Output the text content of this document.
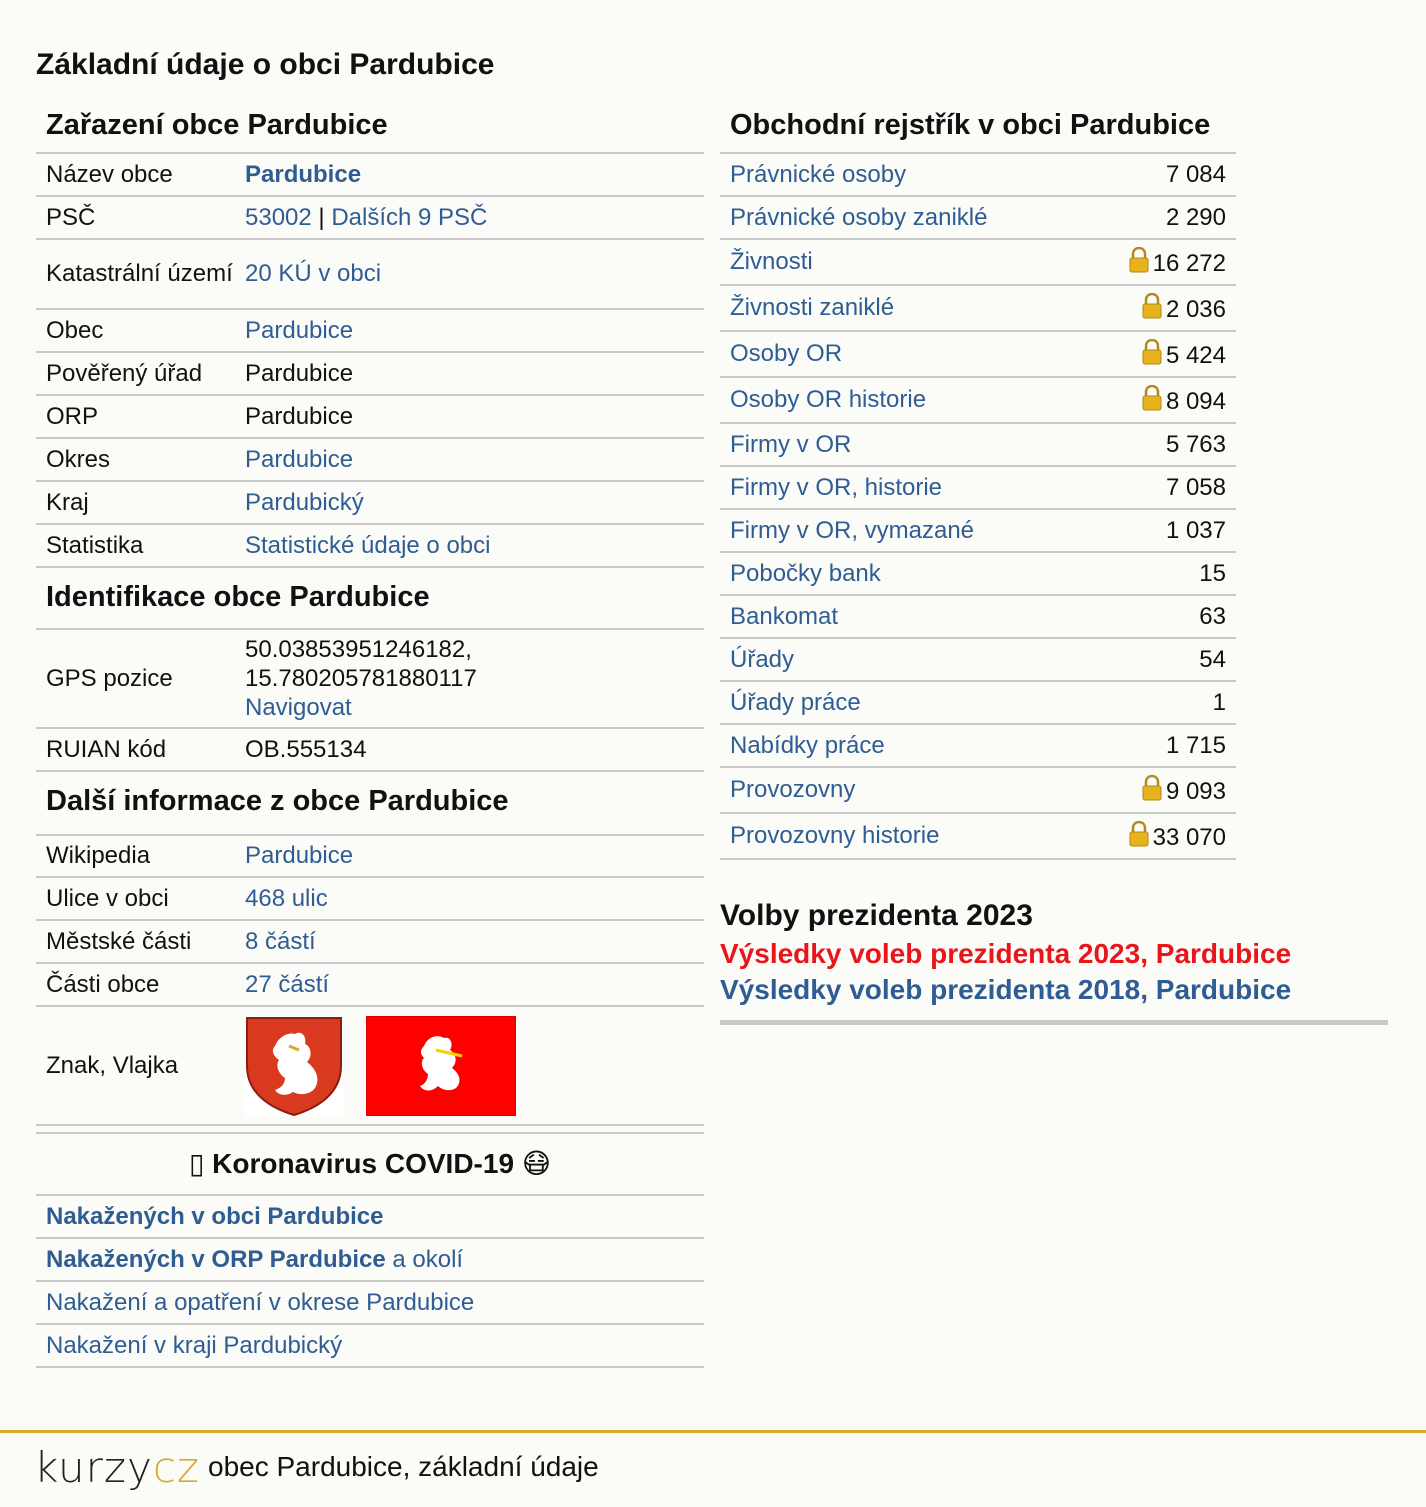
Základní údaje o obci Pardubice
Zařazení obce Pardubice
Název obce	Pardubice
PSČ	53002 | Dalších 9 PSČ
Katastrální území	20 KÚ v obci
Obec	Pardubice
Pověřený úřad	Pardubice
ORP	Pardubice
Okres	Pardubice
Kraj	Pardubický
Statistika	Statistické údaje o obci
Identifikace obce Pardubice
GPS pozice	50.03853951246182,
15.780205781880117
Navigovat
RUIAN kód	OB.555134
Další informace z obce Pardubice
Wikipedia	Pardubice
Ulice v obci	468 ulic
Městské části	8 částí
Části obce	27 částí
Znak, Vlajka	
▯ Koronavirus COVID-19 😷
Nakažených v obci Pardubice
Nakažených v ORP Pardubice a okolí
Nakažení a opatření v okrese Pardubice
Nakažení v kraji Pardubický
Obchodní rejstřík v obci Pardubice
Právnické osoby	7 084
Právnické osoby zaniklé	2 290
Živnosti	16 272
Živnosti zaniklé	2 036
Osoby OR	5 424
Osoby OR historie	8 094
Firmy v OR	5 763
Firmy v OR, historie	7 058
Firmy v OR, vymazané	1 037
Pobočky bank	15
Bankomat	63
Úřady	54
Úřady práce	1
Nabídky práce	1 715
Provozovny	9 093
Provozovny historie	33 070
Volby prezidenta 2023
Výsledky voleb prezidenta 2023, Pardubice
Výsledky voleb prezidenta 2018, Pardubice
kurzycz obec Pardubice, základní údaje
